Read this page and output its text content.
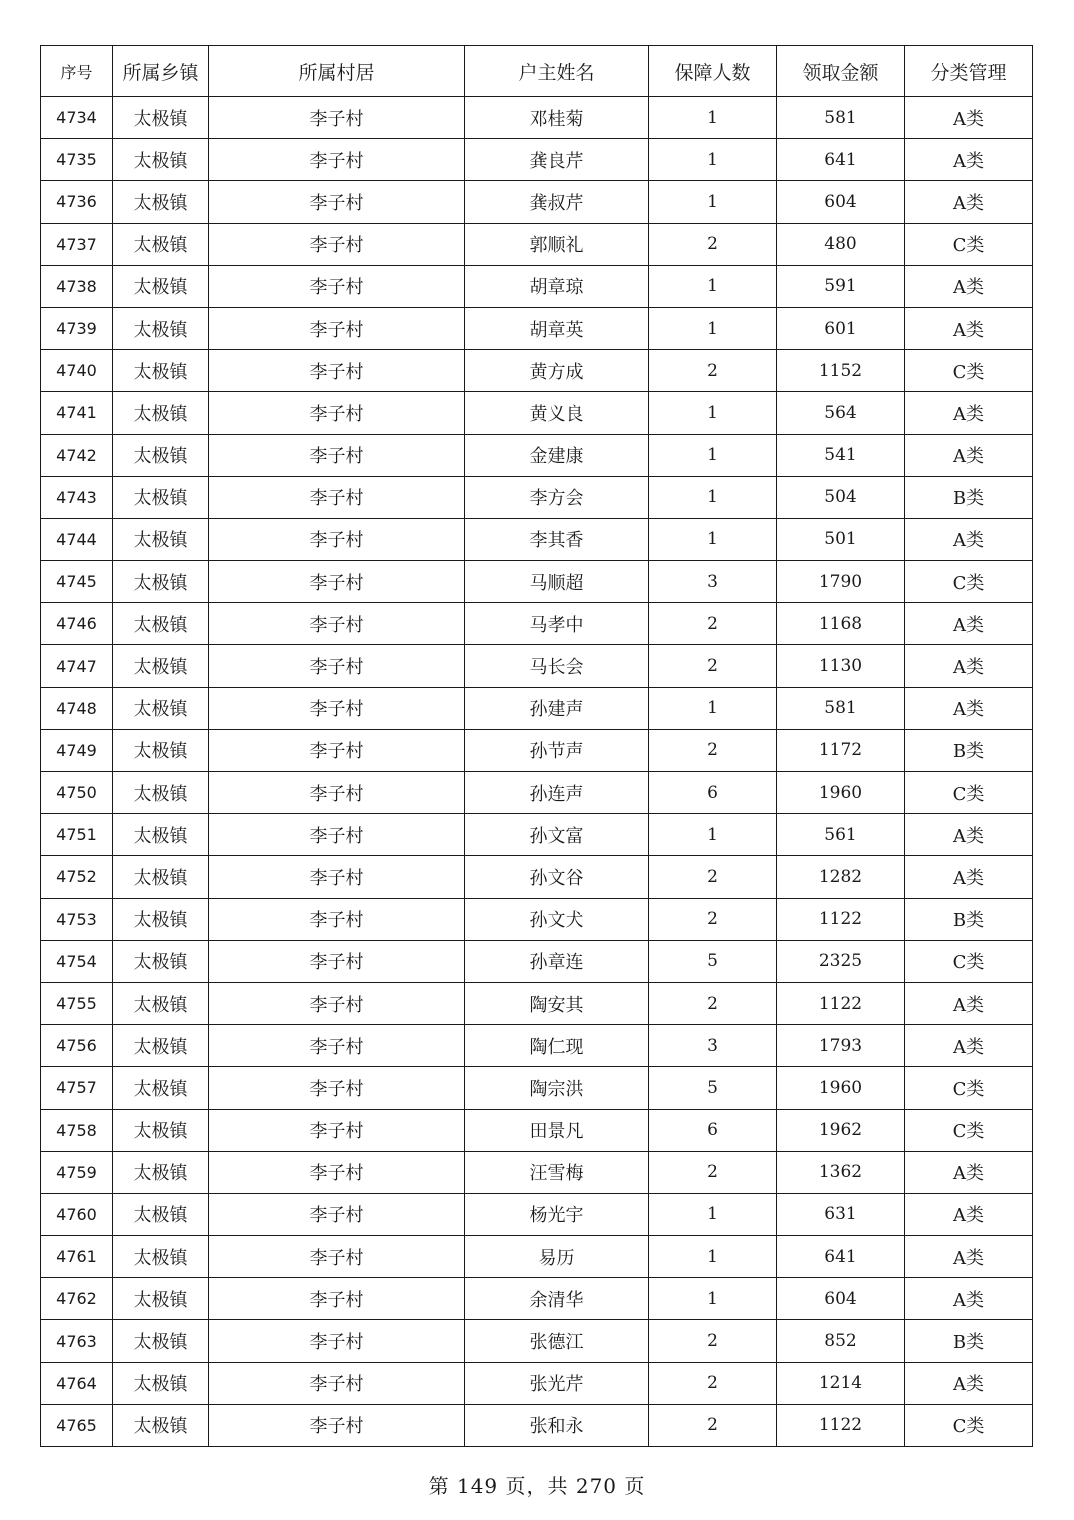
序号	所属乡镇	所属村居	户主姓名	保障人数	领取金额	分类管理
4734	太极镇	李子村	邓桂菊	1	581	A类
4735	太极镇	李子村	龚良芹	1	641	A类
4736	太极镇	李子村	龚叔芹	1	604	A类
4737	太极镇	李子村	郭顺礼	2	480	C类
4738	太极镇	李子村	胡章琼	1	591	A类
4739	太极镇	李子村	胡章英	1	601	A类
4740	太极镇	李子村	黄方成	2	1152	C类
4741	太极镇	李子村	黄义良	1	564	A类
4742	太极镇	李子村	金建康	1	541	A类
4743	太极镇	李子村	李方会	1	504	B类
4744	太极镇	李子村	李其香	1	501	A类
4745	太极镇	李子村	马顺超	3	1790	C类
4746	太极镇	李子村	马孝中	2	1168	A类
4747	太极镇	李子村	马长会	2	1130	A类
4748	太极镇	李子村	孙建声	1	581	A类
4749	太极镇	李子村	孙节声	2	1172	B类
4750	太极镇	李子村	孙连声	6	1960	C类
4751	太极镇	李子村	孙文富	1	561	A类
4752	太极镇	李子村	孙文谷	2	1282	A类
4753	太极镇	李子村	孙文犬	2	1122	B类
4754	太极镇	李子村	孙章连	5	2325	C类
4755	太极镇	李子村	陶安其	2	1122	A类
4756	太极镇	李子村	陶仁现	3	1793	A类
4757	太极镇	李子村	陶宗洪	5	1960	C类
4758	太极镇	李子村	田景凡	6	1962	C类
4759	太极镇	李子村	汪雪梅	2	1362	A类
4760	太极镇	李子村	杨光宇	1	631	A类
4761	太极镇	李子村	易历	1	641	A类
4762	太极镇	李子村	余清华	1	604	A类
4763	太极镇	李子村	张德江	2	852	B类
4764	太极镇	李子村	张光芹	2	1214	A类
4765	太极镇	李子村	张和永	2	1122	C类
第 149 页，共 270 页
